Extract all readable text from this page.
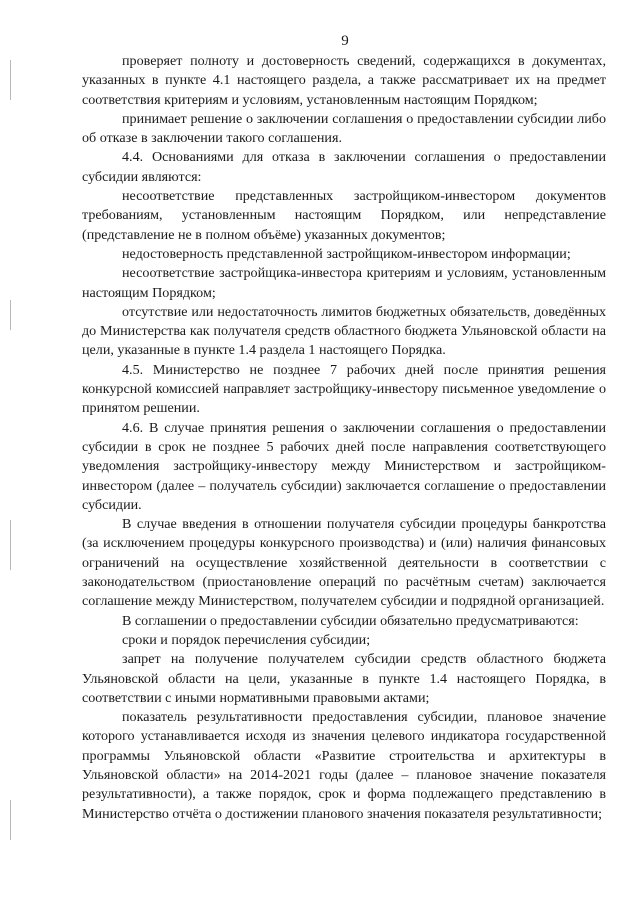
9

проверяет полноту и достоверность сведений, содержащихся в документах, указанных в пункте 4.1 настоящего раздела, а также рассматривает их на предмет соответствия критериям и условиям, установленным настоящим Порядком;

принимает решение о заключении соглашения о предоставлении субсидии либо об отказе в заключении такого соглашения.

4.4. Основаниями для отказа в заключении соглашения о предоставлении субсидии являются:

несоответствие представленных застройщиком-инвестором документов требованиям, установленным настоящим Порядком, или непредставление (представление не в полном объёме) указанных документов;

недостоверность представленной застройщиком-инвестором информации;

несоответствие застройщика-инвестора критериям и условиям, установленным настоящим Порядком;

отсутствие или недостаточность лимитов бюджетных обязательств, доведённых до Министерства как получателя средств областного бюджета Ульяновской области на цели, указанные в пункте 1.4 раздела 1 настоящего Порядка.

4.5. Министерство не позднее 7 рабочих дней после принятия решения конкурсной комиссией направляет застройщику-инвестору письменное уведомление о принятом решении.

4.6. В случае принятия решения о заключении соглашения о предоставлении субсидии в срок не позднее 5 рабочих дней после направления соответствующего уведомления застройщику-инвестору между Министерством и застройщиком-инвестором (далее – получатель субсидии) заключается соглашение о предоставлении субсидии.

В случае введения в отношении получателя субсидии процедуры банкротства (за исключением процедуры конкурсного производства) и (или) наличия финансовых ограничений на осуществление хозяйственной деятельности в соответствии с законодательством (приостановление операций по расчётным счетам) заключается соглашение между Министерством, получателем субсидии и подрядной организацией.

В соглашении о предоставлении субсидии обязательно предусматриваются:

сроки и порядок перечисления субсидии;

запрет на получение получателем субсидии средств областного бюджета Ульяновской области на цели, указанные в пункте 1.4 настоящего Порядка, в соответствии с иными нормативными правовыми актами;

показатель результативности предоставления субсидии, плановое значение которого устанавливается исходя из значения целевого индикатора государственной программы Ульяновской области «Развитие строительства и архитектуры в Ульяновской области» на 2014-2021 годы (далее – плановое значение показателя результативности), а также порядок, срок и форма подлежащего представлению в Министерство отчёта о достижении планового значения показателя результативности;
